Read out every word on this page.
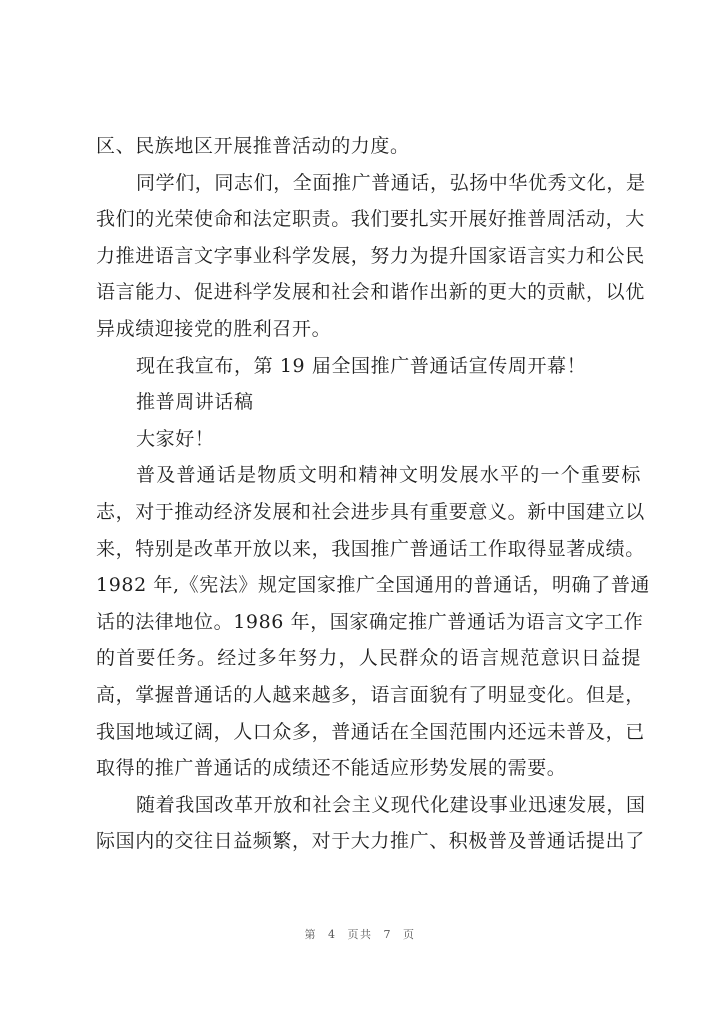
区、民族地区开展推普活动的力度。
同学们，同志们，全面推广普通话，弘扬中华优秀文化，是
我们的光荣使命和法定职责。我们要扎实开展好推普周活动，大
力推进语言文字事业科学发展，努力为提升国家语言实力和公民
语言能力、促进科学发展和社会和谐作出新的更大的贡献，以优
异成绩迎接党的胜利召开。
现在我宣布，第 19 届全国推广普通话宣传周开幕！
推普周讲话稿
大家好！
普及普通话是物质文明和精神文明发展水平的一个重要标
志，对于推动经济发展和社会进步具有重要意义。新中国建立以
来，特别是改革开放以来，我国推广普通话工作取得显著成绩。
1982 年,《宪法》规定国家推广全国通用的普通话，明确了普通
话的法律地位。1986 年，国家确定推广普通话为语言文字工作
的首要任务。经过多年努力，人民群众的语言规范意识日益提
高，掌握普通话的人越来越多，语言面貌有了明显变化。但是，
我国地域辽阔，人口众多，普通话在全国范围内还远未普及，已
取得的推广普通话的成绩还不能适应形势发展的需要。
随着我国改革开放和社会主义现代化建设事业迅速发展，国
际国内的交往日益频繁，对于大力推广、积极普及普通话提出了
第 4 页共 7 页
